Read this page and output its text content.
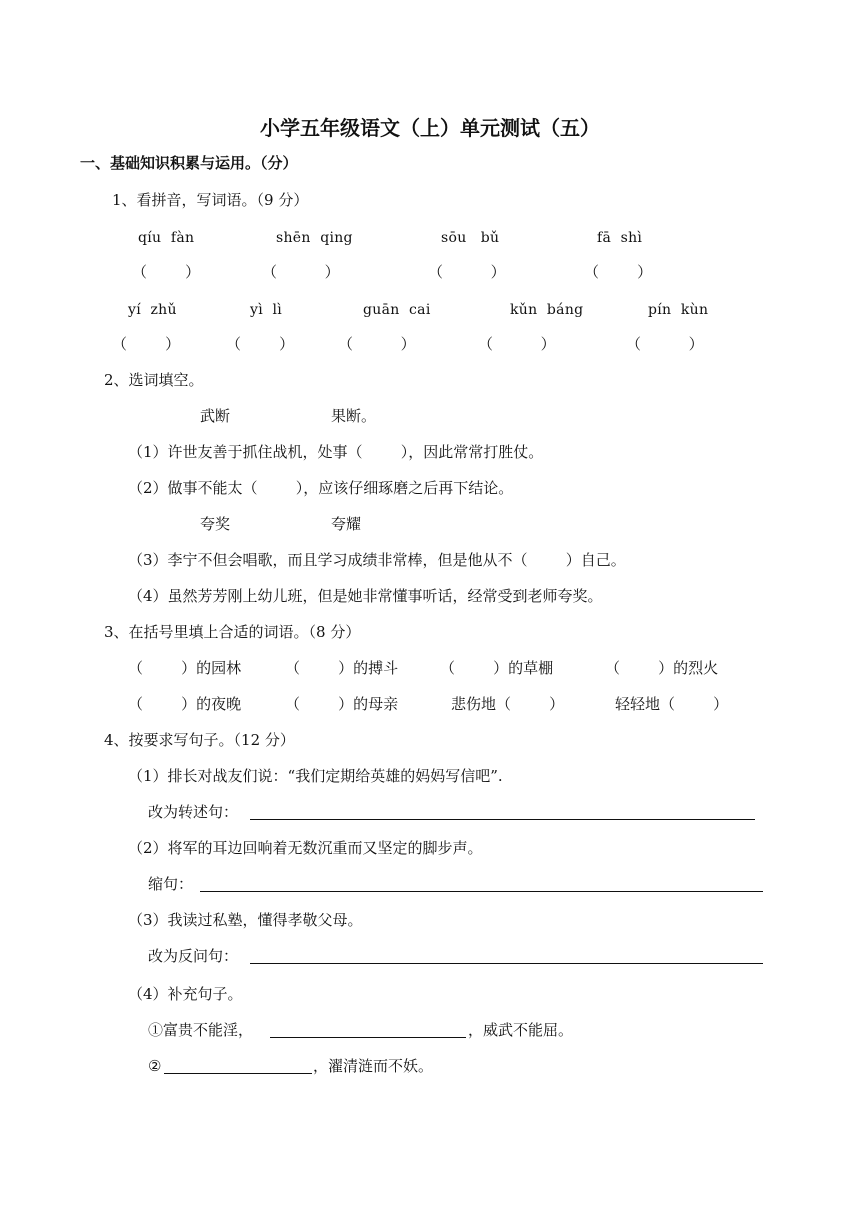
小学五年级语文（上）单元测试（五）
一、基础知识积累与运用。（分）
1、看拼音，写词语。（9 分）
qíu  fàn	shēn  qing	sōu   bǔ	fā  shì
（        ）	（          ）	（          ）	（        ）
yí  zhǔ	yì  lì	guān  cai	kǔn  báng	pín  kùn
（        ）	（        ）	（          ）	（          ）	（          ）
2、选词填空。
武断	果断。
（1）许世友善于抓住战机，处事（        ），因此常常打胜仗。
（2）做事不能太（        ），应该仔细琢磨之后再下结论。
夸奖	夸耀
（3）李宁不但会唱歌，而且学习成绩非常棒，但是他从不（        ）自己。
（4）虽然芳芳刚上幼儿班，但是她非常懂事听话，经常受到老师夸奖。
3、在括号里填上合适的词语。（8 分）
（        ）的园林	（        ）的搏斗	（        ）的草棚	（        ）的烈火
（        ）的夜晚	（        ）的母亲	悲伤地（        ）	轻轻地（        ）
4、按要求写句子。（12 分）
（1）排长对战友们说：“我们定期给英雄的妈妈写信吧”.
改为转述句：
（2）将军的耳边回响着无数沉重而又坚定的脚步声。
缩句：
（3）我读过私塾，懂得孝敬父母。
改为反问句：
（4）补充句子。
①富贵不能淫，	，威武不能屈。
②	，濯清涟而不妖。
